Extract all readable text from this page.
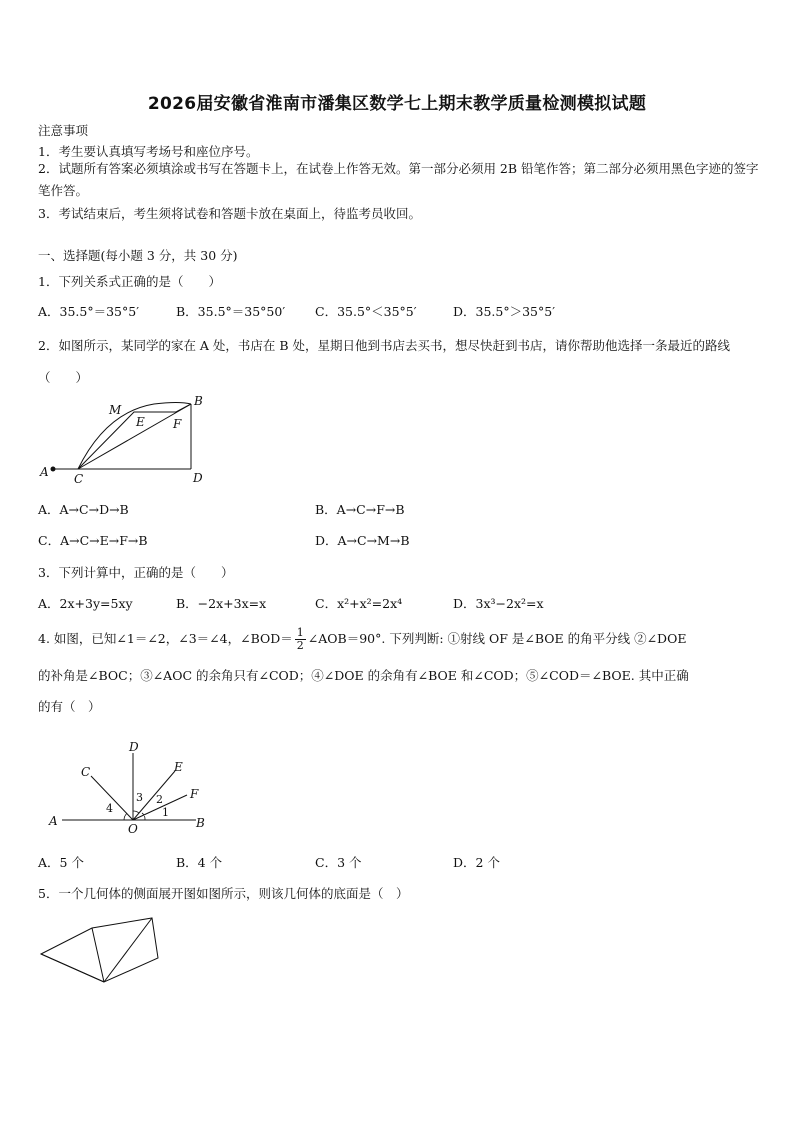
2026届安徽省淮南市潘集区数学七上期末教学质量检测模拟试题
注意事项
1．考生要认真填写考场号和座位序号。
2．试题所有答案必须填涂或书写在答题卡上，在试卷上作答无效。第一部分必须用 2B 铅笔作答；第二部分必须用黑色字迹的签字笔作答。
3．考试结束后，考生须将试卷和答题卡放在桌面上，待监考员收回。
一、选择题(每小题 3 分，共 30 分)
1．下列关系式正确的是（　　）
A．35.5°＝35°5′	B．35.5°＝35°50′ C．35.5°＜35°5′	D．35.5°＞35°5′
2．如图所示，某同学的家在 A 处，书店在 B 处，星期日他到书店去买书，想尽快赶到书店，请你帮助他选择一条最近的路线（　　）
A
B
C	D
E F
M
A．A→C→D→B	B．A→C→F→B
C．A→C→E→F→B	D．A→C→M→B
3．下列计算中，正确的是（　　）
A．2x+3y=5xy	B．−2x+3x=x	C．x²+x²=2x⁴	D．3x³−2x²=x
4. 如图，已知∠1＝∠2，∠3＝∠4，∠BOD＝ $\frac{1}{2}$ ∠AOB＝90°. 下列判断: ①射线 OF 是∠BOE 的角平分线 ②∠DOE
的补角是∠BOC；③∠AOC 的余角只有∠COD；④∠DOE 的余角有∠BOE 和∠COD；⑤∠COD＝∠BOE. 其中正确
的有（　）
A	B
C
D
E
F
O
1
2
3
4
A．5 个	B．4 个	C．3 个	D．2 个
5．一个几何体的侧面展开图如图所示，则该几何体的底面是（　）
